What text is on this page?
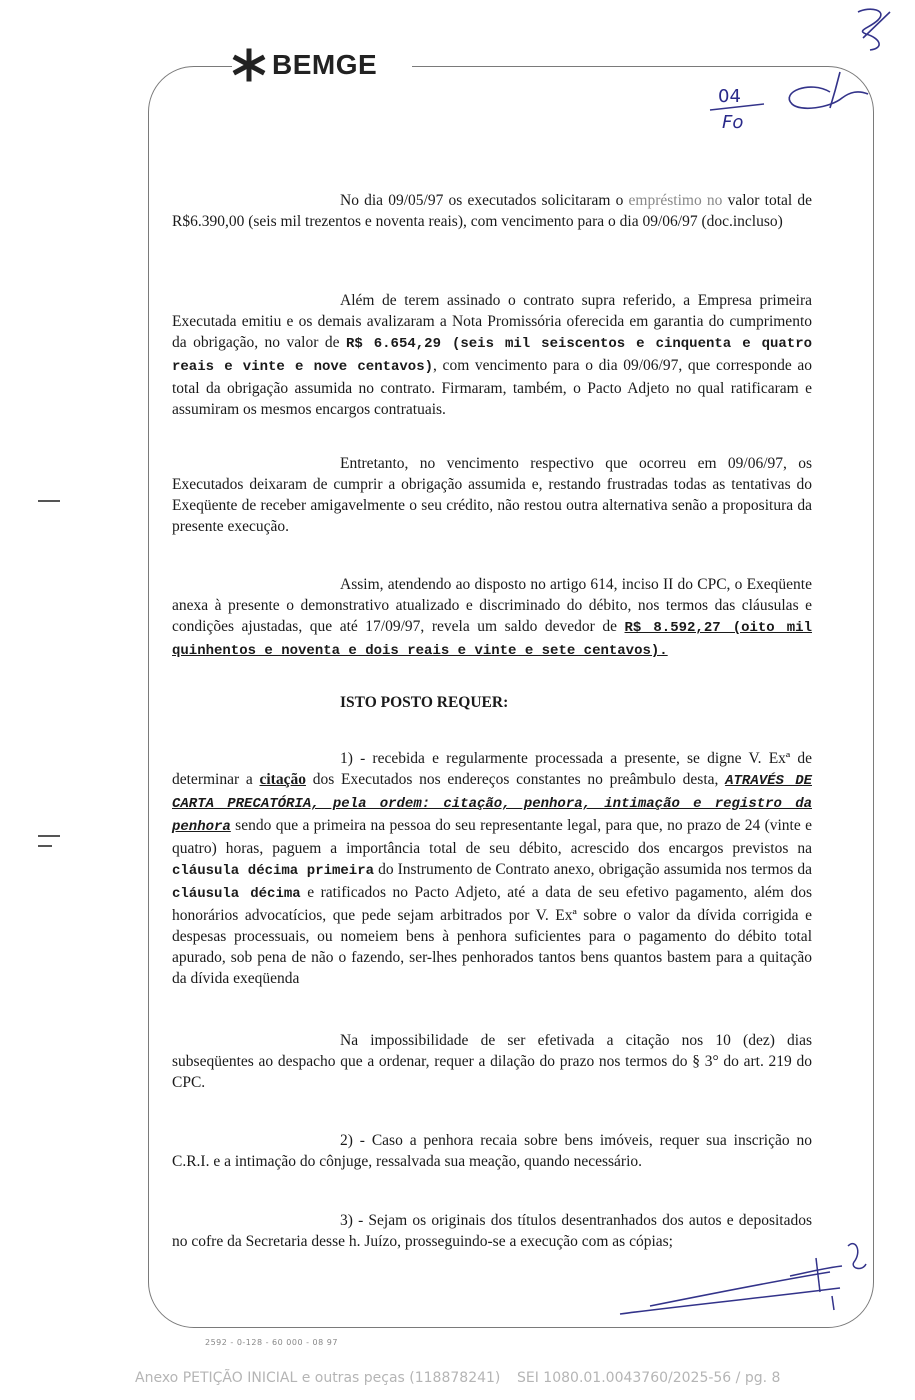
BEMGE
04
Fo
No dia 09/05/97 os executados solicitaram o empréstimo no valor total de R$6.390,00 (seis mil trezentos e noventa reais), com vencimento para o dia 09/06/97 (doc.incluso)
Além de terem assinado o contrato supra referido, a Empresa primeira Executada emitiu e os demais avalizaram a Nota Promissória oferecida em garantia do cumprimento da obrigação, no valor de R$ 6.654,29 (seis mil seiscentos e cinquenta e quatro reais e vinte e nove centavos), com vencimento para o dia 09/06/97, que corresponde ao total da obrigação assumida no contrato. Firmaram, também, o Pacto Adjeto no qual ratificaram e assumiram os mesmos encargos contratuais.
Entretanto, no vencimento respectivo que ocorreu em 09/06/97, os Executados deixaram de cumprir a obrigação assumida e, restando frustradas todas as tentativas do Exeqüente de receber amigavelmente o seu crédito, não restou outra alternativa senão a propositura da presente execução.
Assim, atendendo ao disposto no artigo 614, inciso II do CPC, o Exeqüente anexa à presente o demonstrativo atualizado e discriminado do débito, nos termos das cláusulas e condições ajustadas, que até 17/09/97, revela um saldo devedor de R$ 8.592,27 (oito mil quinhentos e noventa e dois reais e vinte e sete centavos).
ISTO POSTO REQUER:
1) - recebida e regularmente processada a presente, se digne V. Exª de determinar a citação dos Executados nos endereços constantes no preâmbulo desta, ATRAVÉS DE CARTA PRECATÓRIA, pela ordem: citação, penhora, intimação e registro da penhora sendo que a primeira na pessoa do seu representante legal, para que, no prazo de 24 (vinte e quatro) horas, paguem a importância total de seu débito, acrescido dos encargos previstos na cláusula décima primeira do Instrumento de Contrato anexo, obrigação assumida nos termos da cláusula décima e ratificados no Pacto Adjeto, até a data de seu efetivo pagamento, além dos honorários advocatícios, que pede sejam arbitrados por V. Exª sobre o valor da dívida corrigida e despesas processuais, ou nomeiem bens à penhora suficientes para o pagamento do débito total apurado, sob pena de não o fazendo, ser-lhes penhorados tantos bens quantos bastem para a quitação da dívida exeqüenda
Na impossibilidade de ser efetivada a citação nos 10 (dez) dias subseqüentes ao despacho que a ordenar, requer a dilação do prazo nos termos do § 3° do art. 219 do CPC.
2) - Caso a penhora recaia sobre bens imóveis, requer sua inscrição no C.R.I. e a intimação do cônjuge, ressalvada sua meação, quando necessário.
3) - Sejam os originais dos títulos desentranhados dos autos e depositados no cofre da Secretaria desse h. Juízo, prosseguindo-se a execução com as cópias;
2592 - 0-128 - 60 000 - 08 97
Anexo PETIÇÃO INICIAL e outras peças (118878241) SEI 1080.01.0043760/2025-56 / pg. 8
